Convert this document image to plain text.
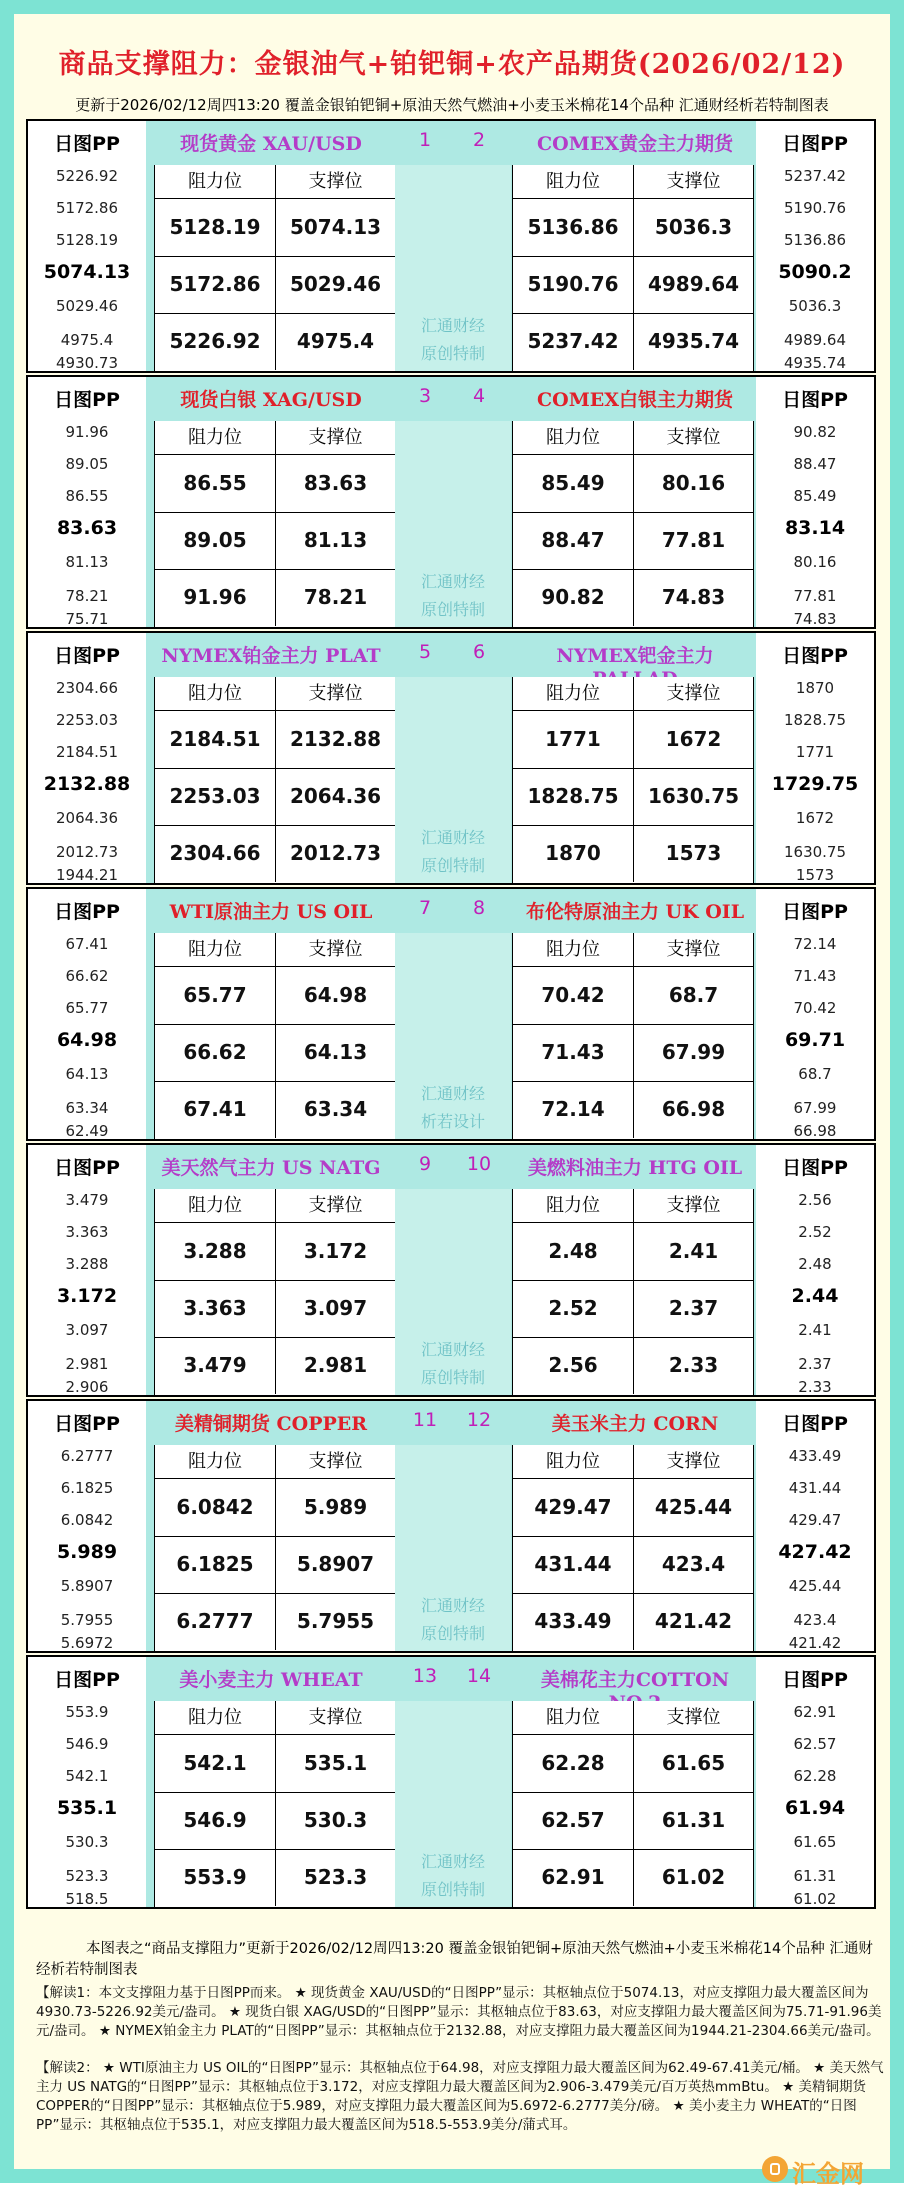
商品支撑阻力：金银油气+铂钯铜+农产品期货(2026/02/12)
更新于2026/02/12周四13:20 覆盖金银铂钯铜+原油天然气燃油+小麦玉米棉花14个品种 汇通财经析若特制图表
日图PP
5226.92
5172.86
5128.19
5074.13
5029.46
4975.4
4930.73
现货黄金 XAU/USD	1
阻力位	支撑位
5128.19	5074.13
5172.86	5029.46
5226.92	4975.4
日图PP
5237.42
5190.76
5136.86
5090.2
5036.3
4989.64
4935.74
COMEX黄金主力期货
2
阻力位	支撑位
5136.86	5036.3
5190.76	4989.64
5237.42	4935.74
汇通财经
原创特制
日图PP
91.96
89.05
86.55
83.63
81.13
78.21
75.71
现货白银 XAG/USD	3
阻力位	支撑位
86.55	83.63
89.05	81.13
91.96	78.21
日图PP
90.82
88.47
85.49
83.14
80.16
77.81
74.83
COMEX白银主力期货
4
阻力位	支撑位
85.49	80.16
88.47	77.81
90.82	74.83
汇通财经
原创特制
日图PP
2304.66
2253.03
2184.51
2132.88
2064.36
2012.73
1944.21
NYMEX铂金主力 PLAT	5
阻力位	支撑位
2184.51	2132.88
2253.03	2064.36
2304.66	2012.73
日图PP
1870
1828.75
1771
1729.75
1672
1630.75
1573
NYMEX钯金主力
6
阻力位	支撑位
1771	1672
1828.75	1630.75
1870	1573
汇通财经
原创特制
日图PP
67.41
66.62
65.77
64.98
64.13
63.34
62.49
WTI原油主力 US OIL	7
阻力位	支撑位
65.77	64.98
66.62	64.13
67.41	63.34
日图PP
72.14
71.43
70.42
69.71
68.7
67.99
66.98
布伦特原油主力 UK OIL
8
阻力位	支撑位
70.42	68.7
71.43	67.99
72.14	66.98
汇通财经
析若设计
日图PP
3.479
3.363
3.288
3.172
3.097
2.981
2.906
美天然气主力 US NATG	9
阻力位	支撑位
3.288	3.172
3.363	3.097
3.479	2.981
日图PP
2.56
2.52
2.48
2.44
2.41
2.37
2.33
美燃料油主力 HTG OIL
10
阻力位	支撑位
2.48	2.41
2.52	2.37
2.56	2.33
汇通财经
原创特制
日图PP
6.2777
6.1825
6.0842
5.989
5.8907
5.7955
5.6972
美精铜期货 COPPER	11
阻力位	支撑位
6.0842	5.989
6.1825	5.8907
6.2777	5.7955
日图PP
433.49
431.44
429.47
427.42
425.44
423.4
421.42
美玉米主力 CORN
12
阻力位	支撑位
429.47	425.44
431.44	423.4
433.49	421.42
汇通财经
原创特制
日图PP
553.9
546.9
542.1
535.1
530.3
523.3
518.5
美小麦主力 WHEAT	13
阻力位	支撑位
542.1	535.1
546.9	530.3
553.9	523.3
日图PP
62.91
62.57
62.28
61.94
61.65
61.31
61.02
美棉花主力COTTON
14
阻力位	支撑位
62.28	61.65
62.57	61.31
62.91	61.02
汇通财经
原创特制
本图表之“商品支撑阻力”更新于2026/02/12周四13:20 覆盖金银铂钯铜+原油天然气燃油+小麦玉米棉花14个品种 汇通财经析若特制图表
【解读1：本文支撑阻力基于日图PP而来。 ★ 现货黄金 XAU/USD的“日图PP”显示：其枢轴点位于5074.13，对应支撑阻力最大覆盖区间为4930.73-5226.92美元/盎司。 ★ 现货白银 XAG/USD的“日图PP”显示：其枢轴点位于83.63，对应支撑阻力最大覆盖区间为75.71-91.96美元/盎司。 ★ NYMEX铂金主力 PLAT的“日图PP”显示：其枢轴点位于2132.88，对应支撑阻力最大覆盖区间为1944.21-2304.66美元/盎司。
【解读2： ★ WTI原油主力 US OIL的“日图PP”显示：其枢轴点位于64.98，对应支撑阻力最大覆盖区间为62.49-67.41美元/桶。 ★ 美天然气主力 US NATG的“日图PP”显示：其枢轴点位于3.172，对应支撑阻力最大覆盖区间为2.906-3.479美元/百万英热mmBtu。 ★ 美精铜期货 COPPER的“日图PP”显示：其枢轴点位于5.989，对应支撑阻力最大覆盖区间为5.6972-6.2777美分/磅。 ★ 美小麦主力 WHEAT的“日图PP”显示：其枢轴点位于535.1，对应支撑阻力最大覆盖区间为518.5-553.9美分/蒲式耳。
汇金网
